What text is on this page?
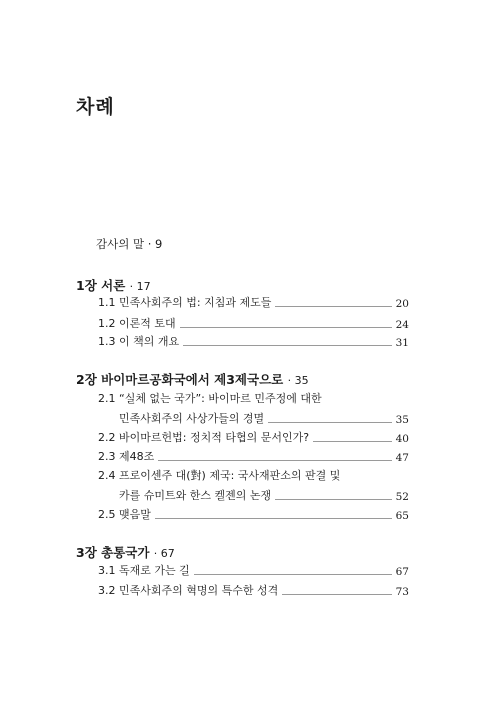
차례
감사의 말 · 9
1장 서론 · 17
1.1 민족사회주의 법: 지침과 제도들	20
1.2 이론적 토대	24
1.3 이 책의 개요	31
2장 바이마르공화국에서 제3제국으로 · 35
2.1 “실체 없는 국가”: 바이마르 민주정에 대한
민족사회주의 사상가들의 경멸	35
2.2 바이마르헌법: 정치적 타협의 문서인가?	40
2.3 제48조	47
2.4 프로이센주 대(對) 제국: 국사재판소의 판결 및
카를 슈미트와 한스 켈젠의 논쟁	52
2.5 맺음말	65
3장 총통국가 · 67
3.1 독재로 가는 길	67
3.2 민족사회주의 혁명의 특수한 성격	73
